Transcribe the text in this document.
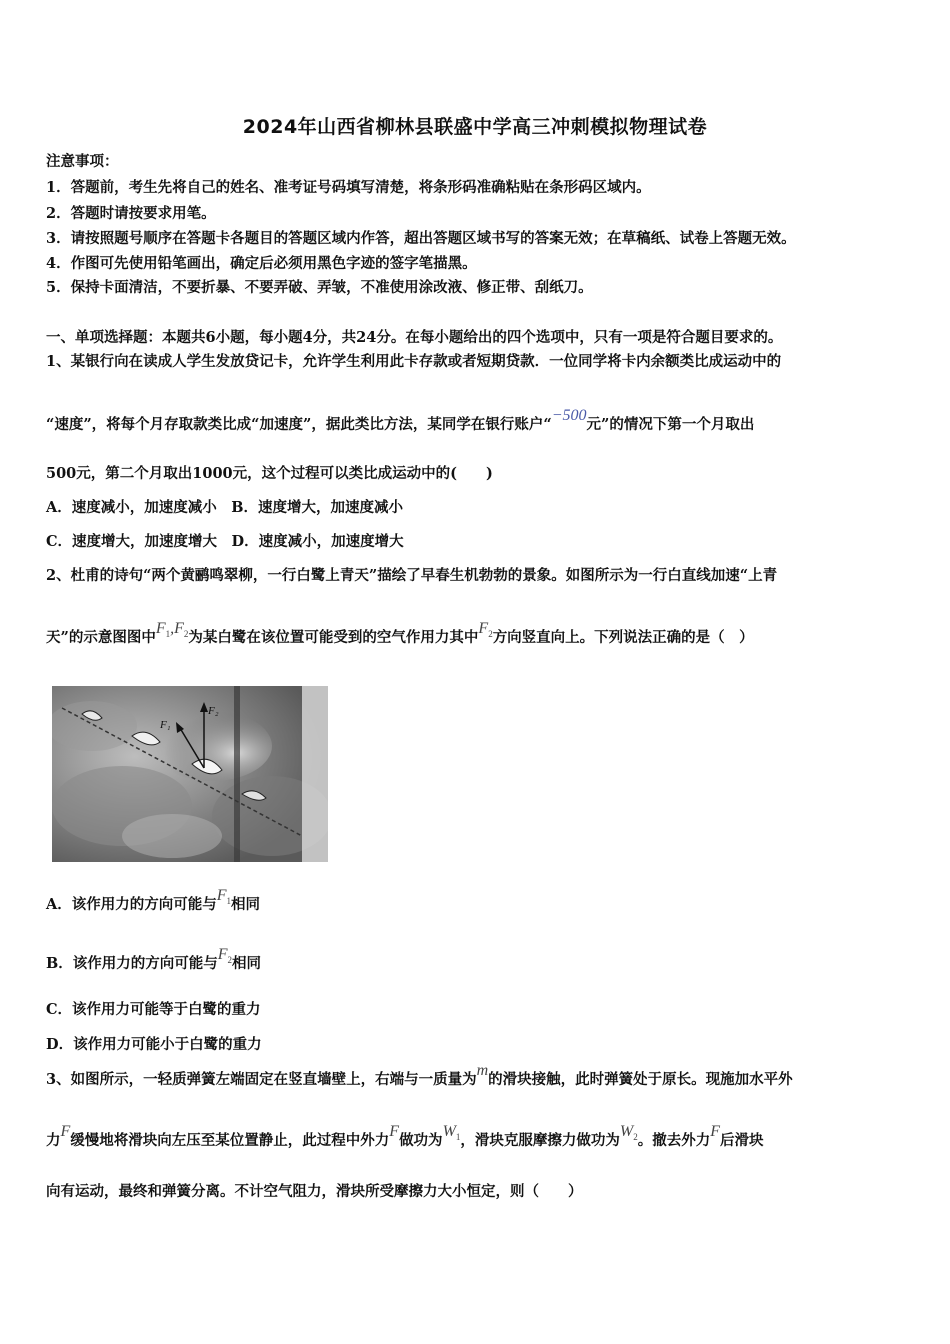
2024年山西省柳林县联盛中学高三冲刺模拟物理试卷
注意事项：
1．答题前，考生先将自己的姓名、准考证号码填写清楚，将条形码准确粘贴在条形码区域内。
2．答题时请按要求用笔。
3．请按照题号顺序在答题卡各题目的答题区域内作答，超出答题区域书写的答案无效；在草稿纸、试卷上答题无效。
4．作图可先使用铅笔画出，确定后必须用黑色字迹的签字笔描黑。
5．保持卡面清洁，不要折暴、不要弄破、弄皱，不准使用涂改液、修正带、刮纸刀。
一、单项选择题：本题共6小题，每小题4分，共24分。在每小题给出的四个选项中，只有一项是符合题目要求的。
1、某银行向在读成人学生发放贷记卡，允许学生利用此卡存款或者短期贷款．一位同学将卡内余额类比成运动中的
“速度”，将每个月存取款类比成“加速度”，据此类比方法，某同学在银行账户“−500元”的情况下第一个月取出
500元，第二个月取出1000元，这个过程可以类比成运动中的(　　)
A．速度减小，加速度减小　B．速度增大，加速度减小
C．速度增大，加速度增大　D．速度减小，加速度增大
2、杜甫的诗句“两个黄鹂鸣翠柳，一行白鹭上青天”描绘了早春生机勃勃的景象。如图所示为一行白直线加速“上青
天”的示意图图中$F_1,F_2$为某白鹭在该位置可能受到的空气作用力其中$F_2$方向竖直向上。下列说法正确的是（　）
F₁
F₂
A．该作用力的方向可能与$F_1$相同
B．该作用力的方向可能与$F_2$相同
C．该作用力可能等于白鹭的重力
D．该作用力可能小于白鹭的重力
3、如图所示，一轻质弹簧左端固定在竖直墙壁上，右端与一质量为m的滑块接触，此时弹簧处于原长。现施加水平外
力F缓慢地将滑块向左压至某位置静止，此过程中外力F做功为$W_1$，滑块克服摩擦力做功为$W_2$。撤去外力F后滑块
向有运动，最终和弹簧分离。不计空气阻力，滑块所受摩擦力大小恒定，则（　　）
